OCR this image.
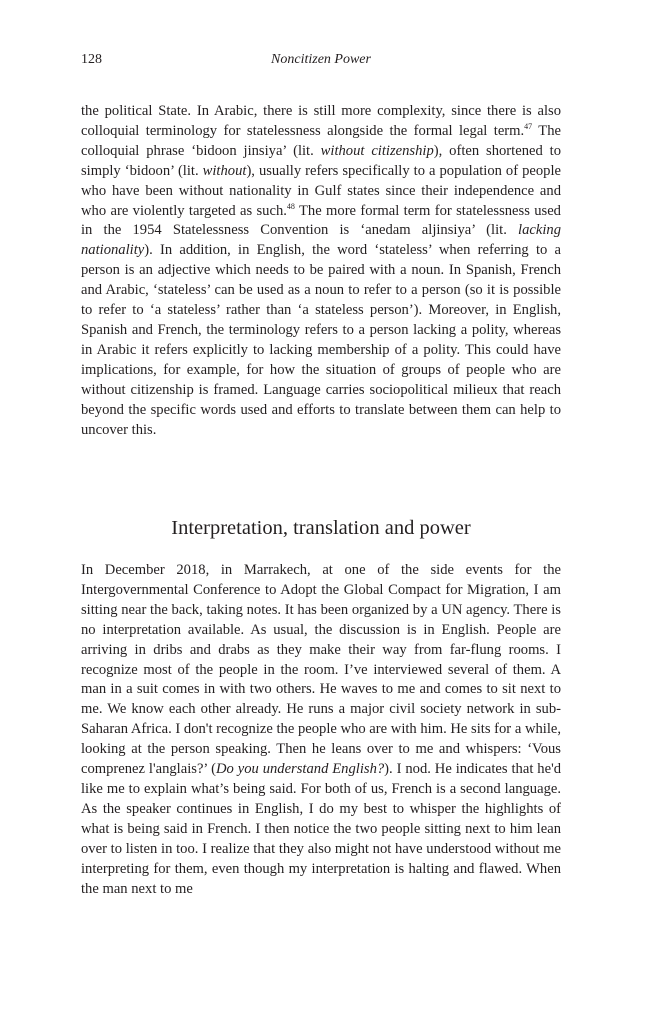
128	Noncitizen Power

the political State. In Arabic, there is still more complexity, since there is also colloquial terminology for statelessness alongside the formal legal term.$^{47}$ The colloquial phrase ‘bidoon jinsiya’ (lit. without citizenship), often shortened to simply ‘bidoon’ (lit. without), usually refers specifically to a population of people who have been without nationality in Gulf states since their independence and who are violently targeted as such.$^{48}$ The more formal term for statelessness used in the 1954 Statelessness Convention is ‘anedam aljinsiya’ (lit. lacking nationality). In addition, in English, the word ‘stateless’ when referring to a person is an adjective which needs to be paired with a noun. In Spanish, French and Arabic, ‘stateless’ can be used as a noun to refer to a person (so it is possible to refer to ‘a stateless’ rather than ‘a stateless person’). Moreover, in English, Spanish and French, the terminology refers to a person lacking a polity, whereas in Arabic it refers explicitly to lacking membership of a polity. This could have implications, for example, for how the situation of groups of people who are without citizenship is framed. Language carries sociopolitical milieux that reach beyond the specific words used and efforts to translate between them can help to uncover this.

Interpretation, translation and power

In December 2018, in Marrakech, at one of the side events for the Intergovernmental Conference to Adopt the Global Compact for Migration, I am sitting near the back, taking notes. It has been organized by a UN agency. There is no interpretation available. As usual, the discussion is in English. People are arriving in dribs and drabs as they make their way from far-flung rooms. I recognize most of the people in the room. I’ve interviewed several of them. A man in a suit comes in with two others. He waves to me and comes to sit next to me. We know each other already. He runs a major civil society network in sub-Saharan Africa. I don't recognize the people who are with him. He sits for a while, looking at the person speaking. Then he leans over to me and whispers: ‘Vous comprenez l'anglais?’ (Do you understand English?). I nod. He indicates that he'd like me to explain what’s being said. For both of us, French is a second language. As the speaker continues in English, I do my best to whisper the highlights of what is being said in French. I then notice the two people sitting next to him lean over to listen in too. I realize that they also might not have understood without me interpreting for them, even though my interpretation is halting and flawed. When the man next to me
